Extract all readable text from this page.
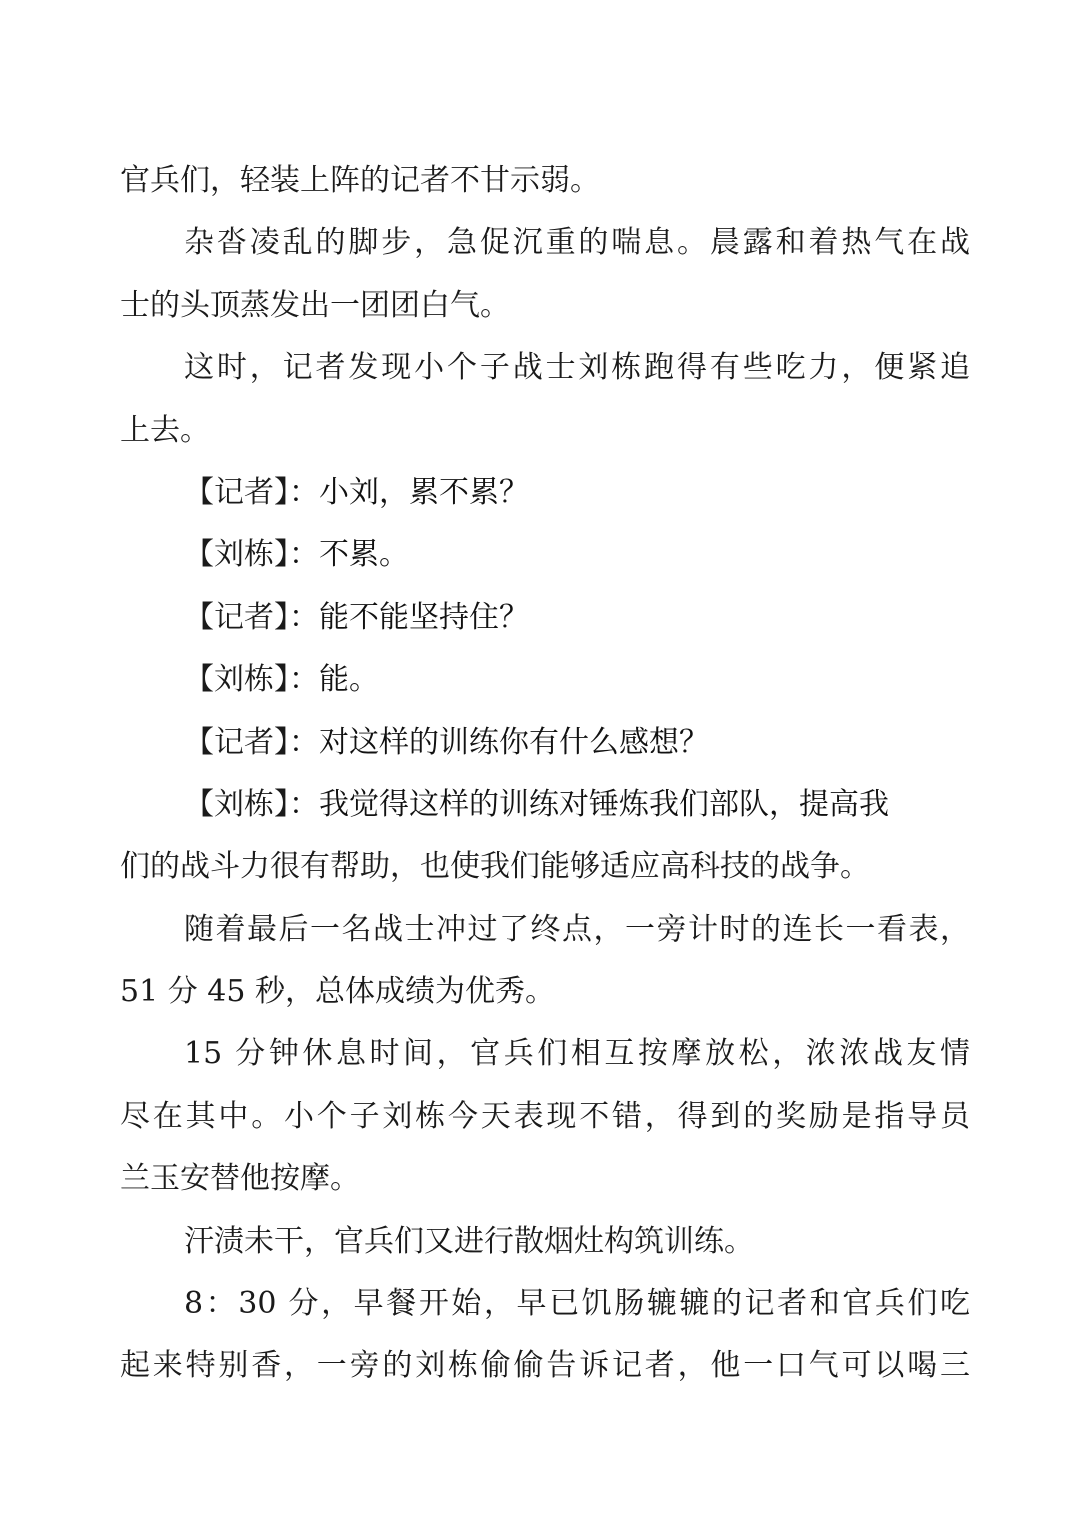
官兵们，轻装上阵的记者不甘示弱。
杂沓凌乱的脚步，急促沉重的喘息。晨露和着热气在战
士的头顶蒸发出一团团白气。
这时，记者发现小个子战士刘栋跑得有些吃力，便紧追
上去。
【记者】：小刘，累不累？
【刘栋】：不累。
【记者】：能不能坚持住？
【刘栋】：能。
【记者】：对这样的训练你有什么感想？
【刘栋】：我觉得这样的训练对锤炼我们部队，提高我
们的战斗力很有帮助，也使我们能够适应高科技的战争。
随着最后一名战士冲过了终点，一旁计时的连长一看表，
51 分 45 秒，总体成绩为优秀。
15 分钟休息时间，官兵们相互按摩放松，浓浓战友情
尽在其中。小个子刘栋今天表现不错，得到的奖励是指导员
兰玉安替他按摩。
汗渍未干，官兵们又进行散烟灶构筑训练。
8：30 分，早餐开始，早已饥肠辘辘的记者和官兵们吃
起来特别香，一旁的刘栋偷偷告诉记者，他一口气可以喝三
